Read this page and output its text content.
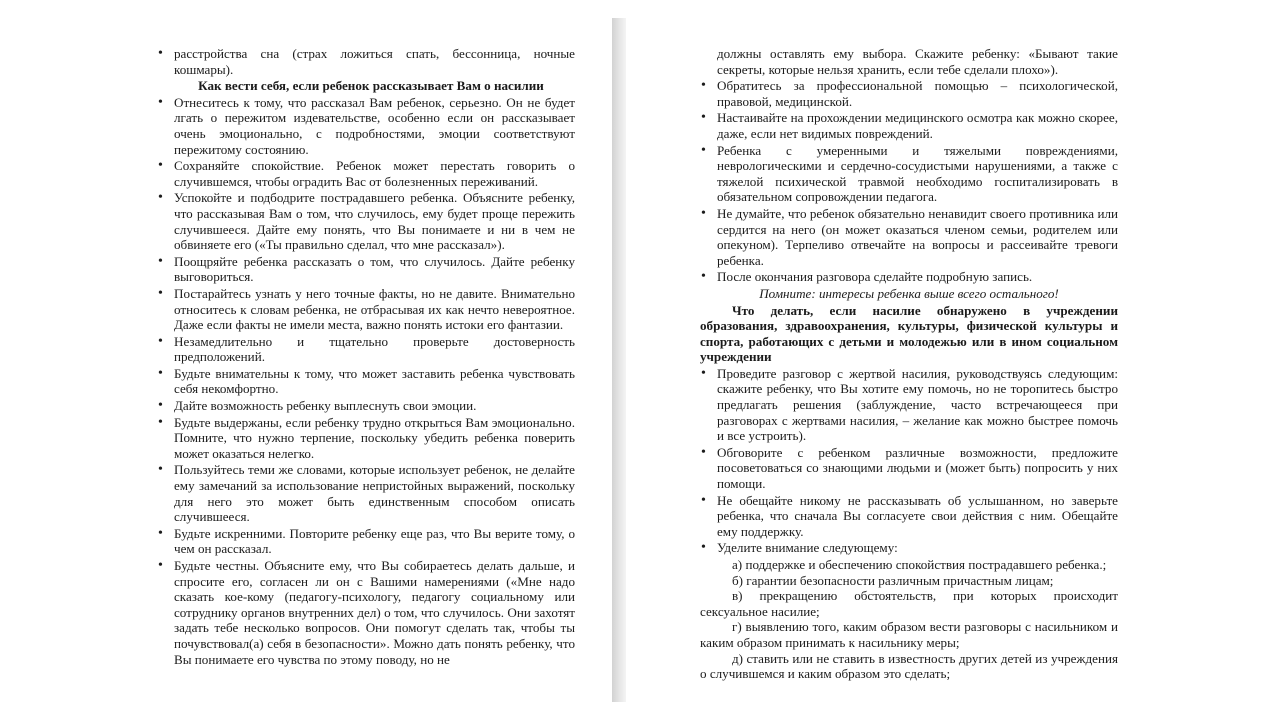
• расстройства сна (страх ложиться спать, бессонница, ночные кошмары).
Как вести себя, если ребенок рассказывает Вам о насилии
• Отнеситесь к тому, что рассказал Вам ребенок, серьезно. Он не будет лгать о пережитом издевательстве, особенно если он рассказывает очень эмоционально, с подробностями, эмоции соответствуют пережитому состоянию.
• Сохраняйте спокойствие. Ребенок может перестать говорить о случившемся, чтобы оградить Вас от болезненных переживаний.
• Успокойте и подбодрите пострадавшего ребенка. Объясните ребенку, что рассказывая Вам о том, что случилось, ему будет проще пережить случившееся. Дайте ему понять, что Вы понимаете и ни в чем не обвиняете его («Ты правильно сделал, что мне рассказал»).
• Поощряйте ребенка рассказать о том, что случилось. Дайте ребенку выговориться.
• Постарайтесь узнать у него точные факты, но не давите. Внимательно относитесь к словам ребенка, не отбрасывая их как нечто невероятное. Даже если факты не имели места, важно понять истоки его фантазии.
• Незамедлительно и тщательно проверьте достоверность предположений.
• Будьте внимательны к тому, что может заставить ребенка чувствовать себя некомфортно.
• Дайте возможность ребенку выплеснуть свои эмоции.
• Будьте выдержаны, если ребенку трудно открыться Вам эмоционально. Помните, что нужно терпение, поскольку убедить ребенка поверить может оказаться нелегко.
• Пользуйтесь теми же словами, которые использует ребенок, не делайте ему замечаний за использование непристойных выражений, поскольку для него это может быть единственным способом описать случившееся.
• Будьте искренними. Повторите ребенку еще раз, что Вы верите тому, о чем он рассказал.
• Будьте честны. Объясните ему, что Вы собираетесь делать дальше, и спросите его, согласен ли он с Вашими намерениями («Мне надо сказать кое-кому (педагогу-психологу, педагогу социальному или сотруднику органов внутренних дел) о том, что случилось. Они захотят задать тебе несколько вопросов. Они помогут сделать так, чтобы ты почувствовал(а) себя в безопасности». Можно дать понять ребенку, что Вы понимаете его чувства по этому поводу, но не
должны оставлять ему выбора. Скажите ребенку: «Бывают такие секреты, которые нельзя хранить, если тебе сделали плохо»).
• Обратитесь за профессиональной помощью – психологической, правовой, медицинской.
• Настаивайте на прохождении медицинского осмотра как можно скорее, даже, если нет видимых повреждений.
• Ребенка с умеренными и тяжелыми повреждениями, неврологическими и сердечно-сосудистыми нарушениями, а также с тяжелой психической травмой необходимо госпитализировать в обязательном сопровождении педагога.
• Не думайте, что ребенок обязательно ненавидит своего противника или сердится на него (он может оказаться членом семьи, родителем или опекуном). Терпеливо отвечайте на вопросы и рассеивайте тревоги ребенка.
• После окончания разговора сделайте подробную запись.
Помните: интересы ребенка выше всего остального!
Что делать, если насилие обнаружено в учреждении образования, здравоохранения, культуры, физической культуры и спорта, работающих с детьми и молодежью или в ином социальном учреждении
• Проведите разговор с жертвой насилия, руководствуясь следующим: скажите ребенку, что Вы хотите ему помочь, но не торопитесь быстро предлагать решения (заблуждение, часто встречающееся при разговорах с жертвами насилия, – желание как можно быстрее помочь и все устроить).
• Обговорите с ребенком различные возможности, предложите посоветоваться со знающими людьми и (может быть) попросить у них помощи.
• Не обещайте никому не рассказывать об услышанном, но заверьте ребенка, что сначала Вы согласуете свои действия с ним. Обещайте ему поддержку.
• Уделите внимание следующему:

а) поддержке и обеспечению спокойствия пострадавшего ребенка.;

б) гарантии безопасности различным причастным лицам;

в) прекращению обстоятельств, при которых происходит сексуальное насилие;

г) выявлению того, каким образом вести разговоры с насильником и каким образом принимать к насильнику меры;

д) ставить или не ставить в известность других детей из учреждения о случившемся и каким образом это сделать;
